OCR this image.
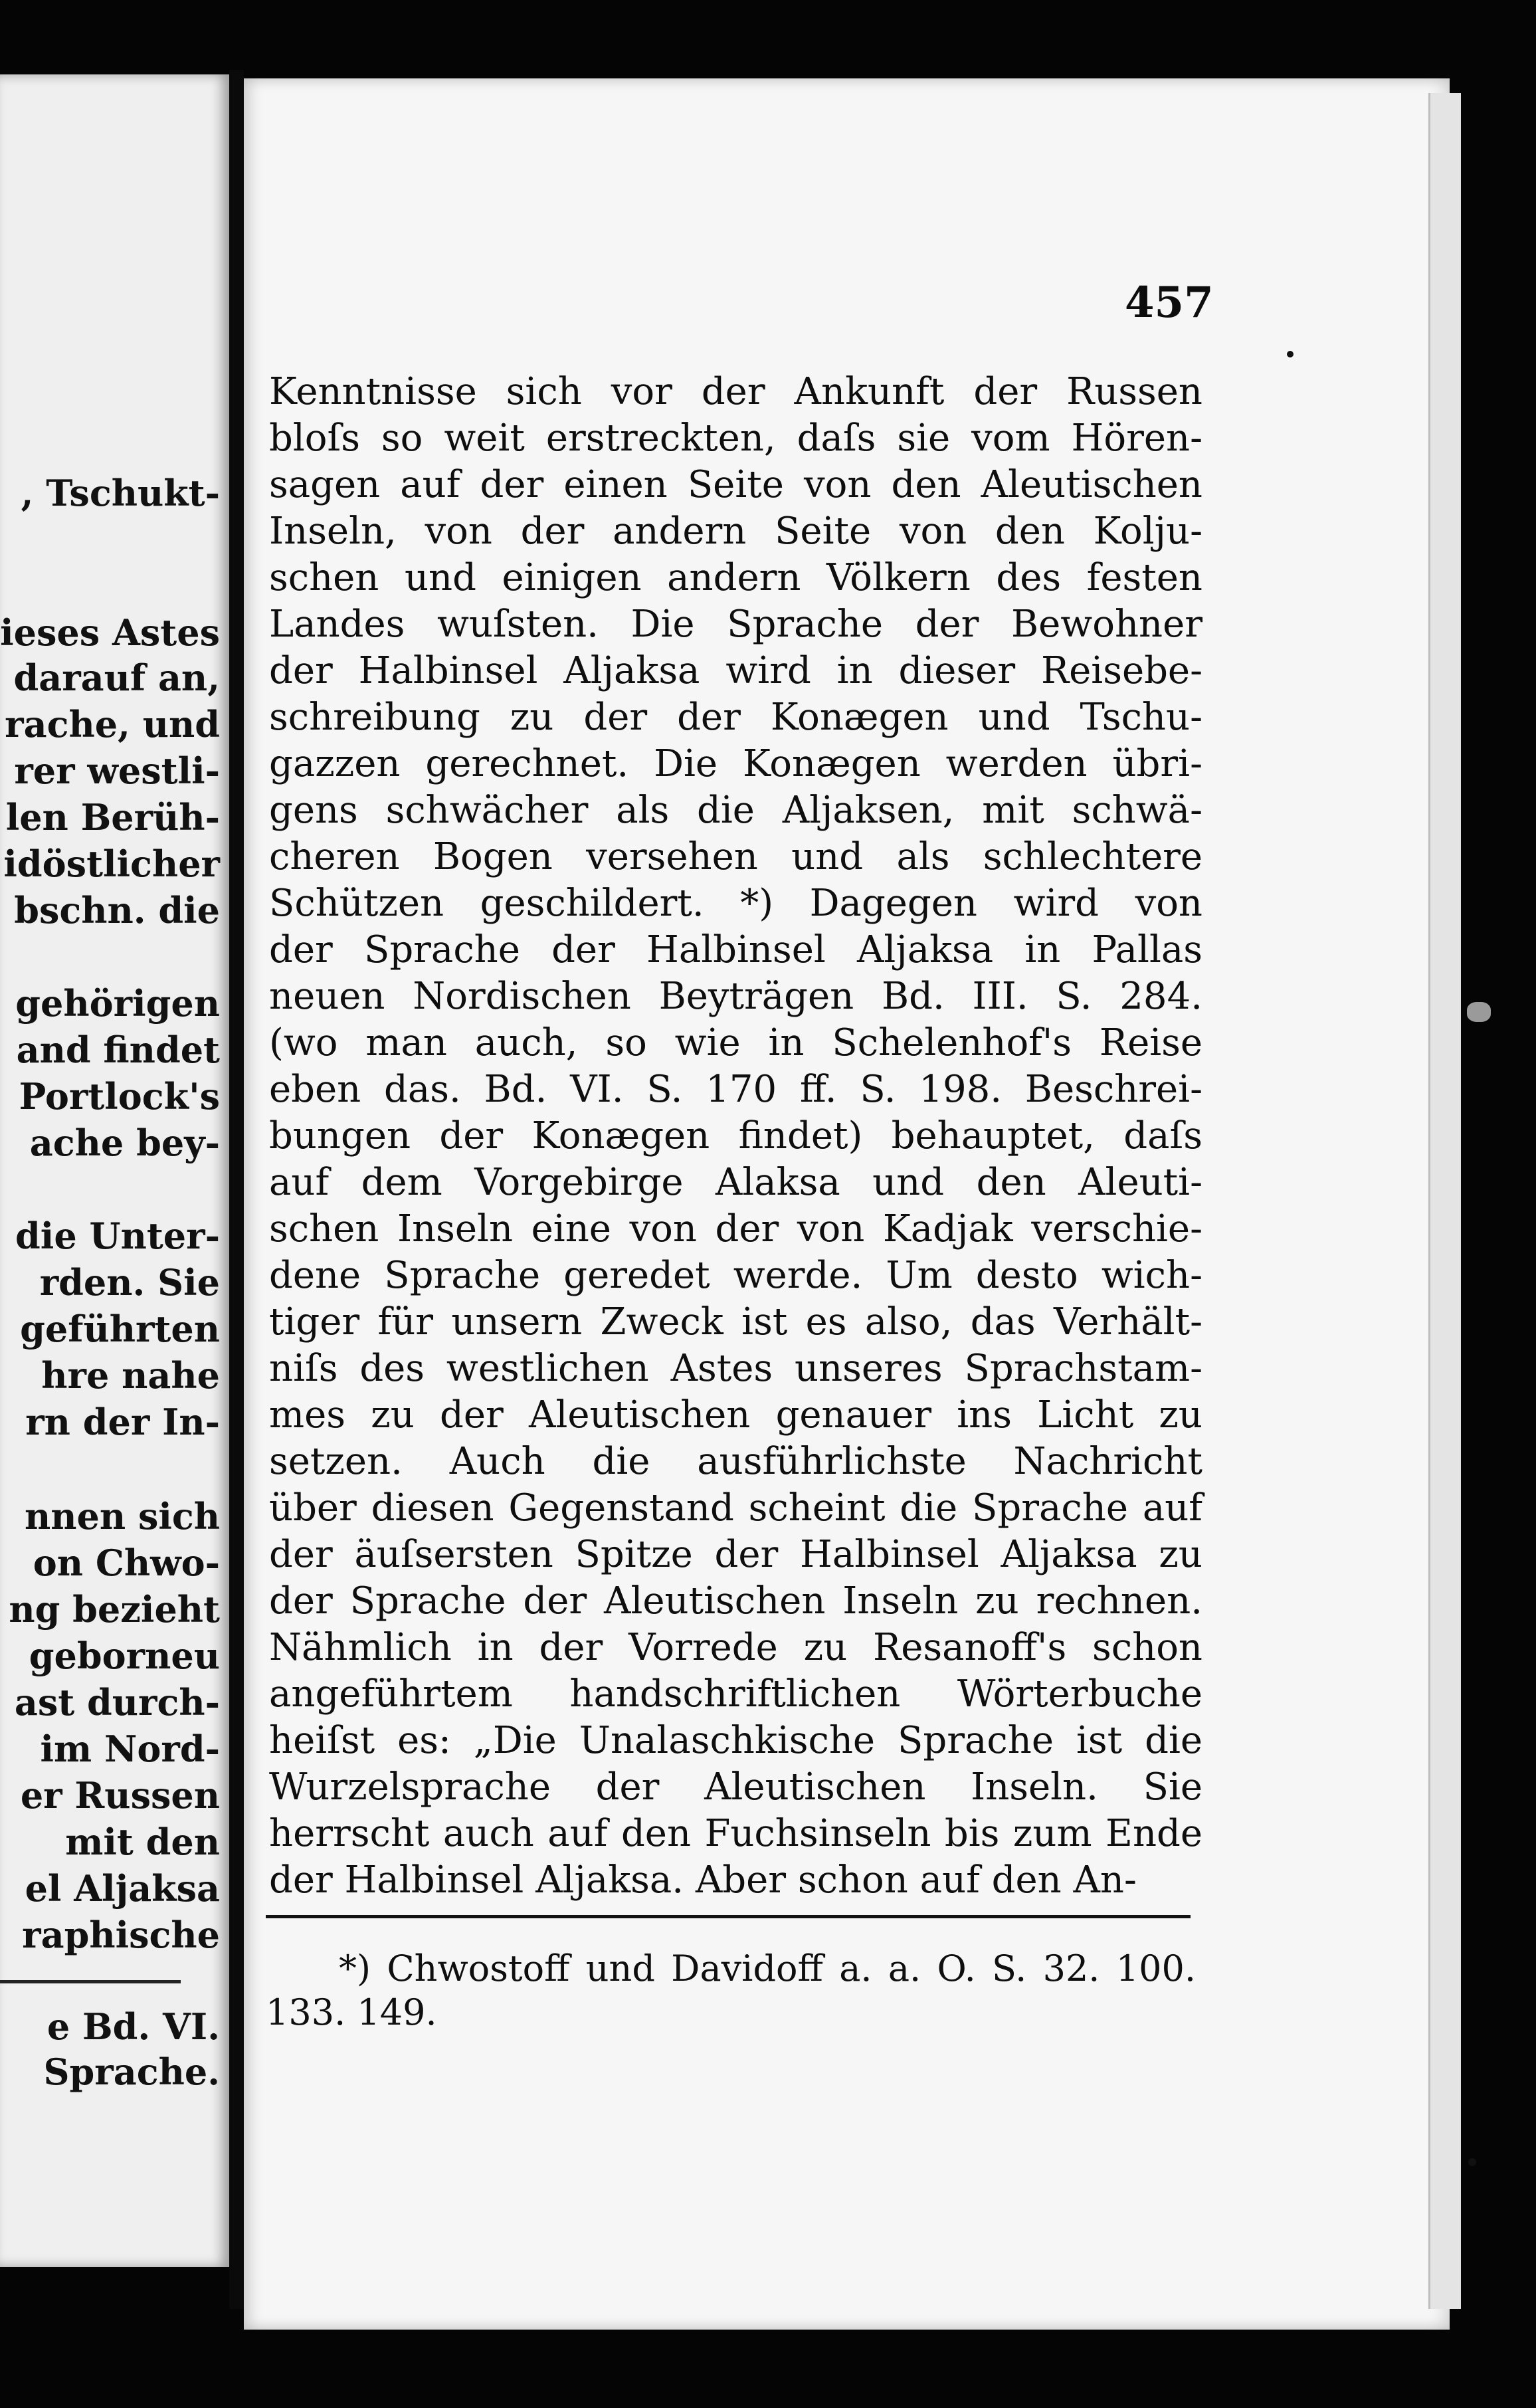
, Tschukt-

ieses Astes

darauf an,

rache, und

rer westli-

len Berüh-

idöstlicher

bschn. die

gehörigen

and findet

Portlock's

ache bey-

die Unter-

rden. Sie

geführten

hre nahe

rn der In-

nnen sich

on Chwo-

ng bezieht

geborneu

ast durch-

im Nord-

er Russen

mit den

el Aljaksa

raphische

e Bd. VI.

Sprache.

457

Kenntnisse sich vor der Ankunft der Russen

bloſs so weit erstreckten, daſs sie vom Hören-

sagen auf der einen Seite von den Aleutischen

Inseln, von der andern Seite von den Kolju-

schen und einigen andern Völkern des festen

Landes wuſsten. Die Sprache der Bewohner

der Halbinsel Aljaksa wird in dieser Reisebe-

schreibung zu der der Konægen und Tschu-

gazzen gerechnet. Die Konægen werden übri-

gens schwächer als die Aljaksen, mit schwä-

cheren Bogen versehen und als schlechtere

Schützen geschildert. *) Dagegen wird von

der Sprache der Halbinsel Aljaksa in Pallas

neuen Nordischen Beyträgen Bd. III. S. 284.

(wo man auch, so wie in Schelenhof's Reise

eben das. Bd. VI. S. 170 ff. S. 198. Beschrei-

bungen der Konægen findet) behauptet, daſs

auf dem Vorgebirge Alaksa und den Aleuti-

schen Inseln eine von der von Kadjak verschie-

dene Sprache geredet werde. Um desto wich-

tiger für unsern Zweck ist es also, das Verhält-

niſs des westlichen Astes unseres Sprachstam-

mes zu der Aleutischen genauer ins Licht zu

setzen. Auch die ausführlichste Nachricht

über diesen Gegenstand scheint die Sprache auf

der äuſsersten Spitze der Halbinsel Aljaksa zu

der Sprache der Aleutischen Inseln zu rechnen.

Nähmlich in der Vorrede zu Resanoff's schon

angeführtem handschriftlichen Wörterbuche

heiſst es: „Die Unalaschkische Sprache ist die

Wurzelsprache der Aleutischen Inseln. Sie

herrscht auch auf den Fuchsinseln bis zum Ende

der Halbinsel Aljaksa. Aber schon auf den An-

*) Chwostoff und Davidoff a. a. O. S. 32. 100.

133. 149.
